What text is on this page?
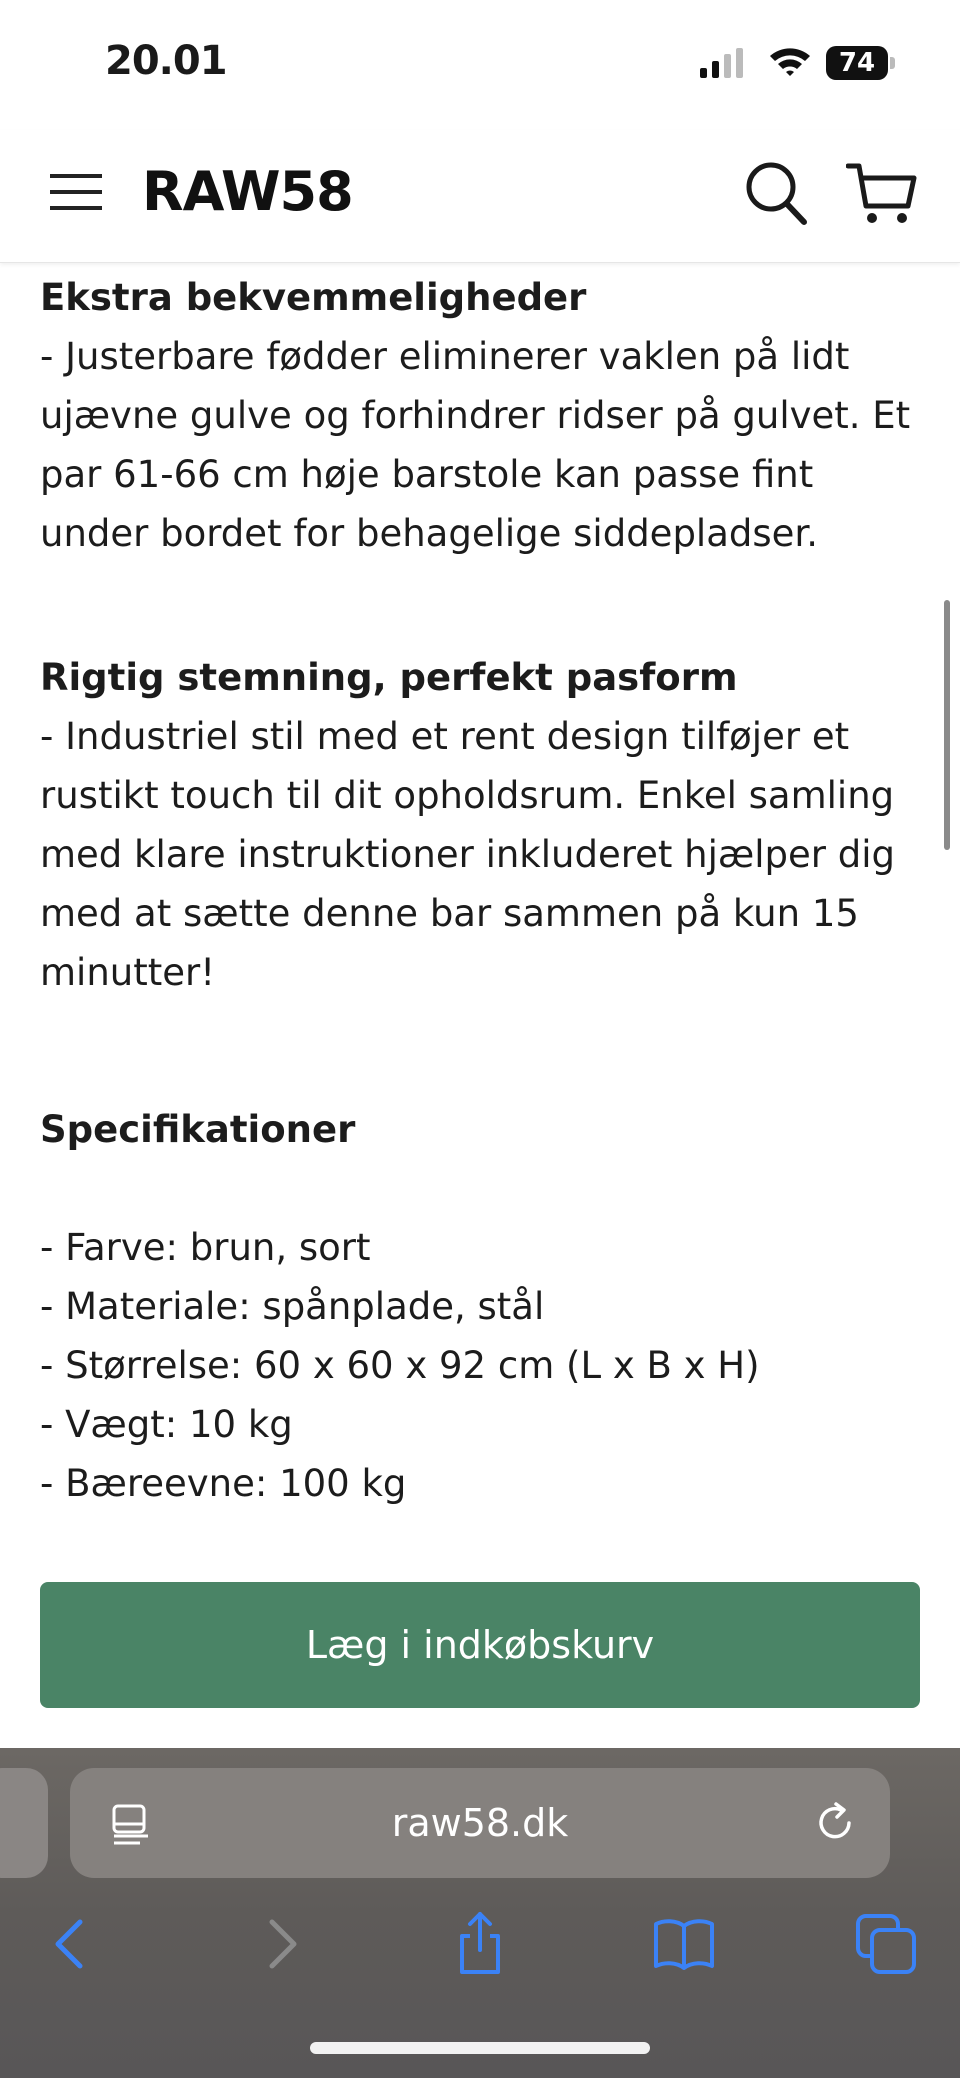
20.01	74
RAW58
Ekstra bekvemmeligheder

- Justerbare fødder eliminerer vaklen på lidt ujævne gulve og forhindrer ridser på gulvet. Et par 61-66 cm høje barstole kan passe fint under bordet for behagelige siddepladser.

Rigtig stemning, perfekt pasform

- Industriel stil med et rent design tilføjer et rustikt touch til dit opholdsrum. Enkel samling med klare instruktioner inkluderet hjælper dig med at sætte denne bar sammen på kun 15 minutter!

Specifikationer
- Farve: brun, sort
- Materiale: spånplade, stål
- Størrelse: 60 x 60 x 92 cm (L x B x H)
- Vægt: 10 kg
- Bæreevne: 100 kg
Læg i indkøbskurv
raw58.dk
